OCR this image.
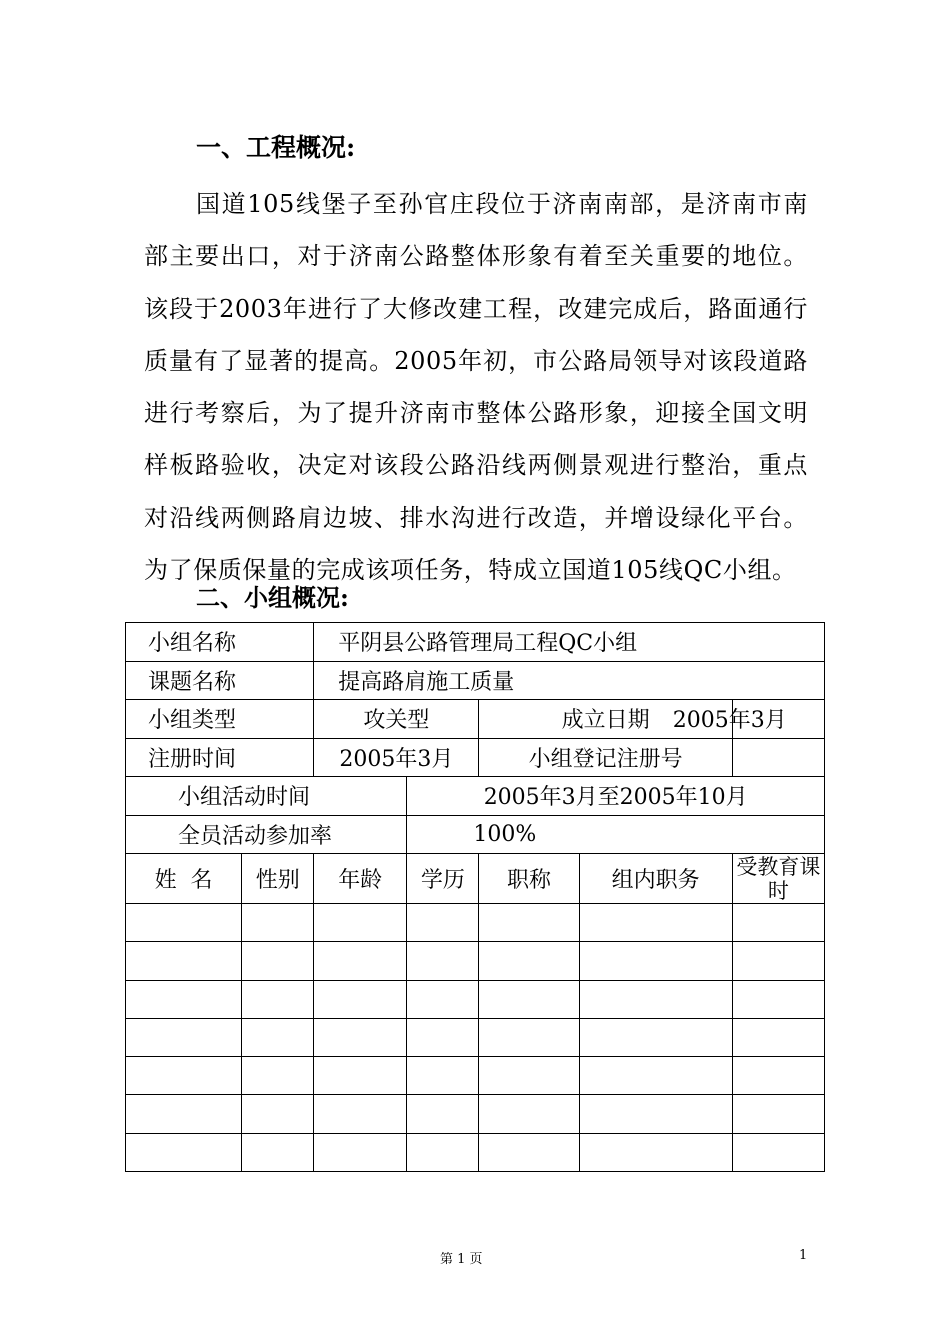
一、工程概况:

国道105线堡子至孙官庄段位于济南南部，是济南市南部主要出口，对于济南公路整体形象有着至关重要的地位。该段于2003年进行了大修改建工程，改建完成后，路面通行质量有了显著的提高。2005年初，市公路局领导对该段道路进行考察后，为了提升济南市整体公路形象，迎接全国文明样板路验收，决定对该段公路沿线两侧景观进行整治，重点对沿线两侧路肩边坡、排水沟进行改造，并增设绿化平台。为了保质保量的完成该项任务，特成立国道105线QC小组。

二、小组概况:
小组名称		平阴县公路管理局工程QC小组				
课题名称		提高路肩施工质量				
小组类型		攻关型		成立日期		2005年3月
注册时间		2005年3月		小组登记注册号		
小组活动时间			2005年3月至2005年10月			
全员活动参加率			100%			
姓  名	性别	年龄	学历	职称	组内职务	受教育课时

第 1 页	1
